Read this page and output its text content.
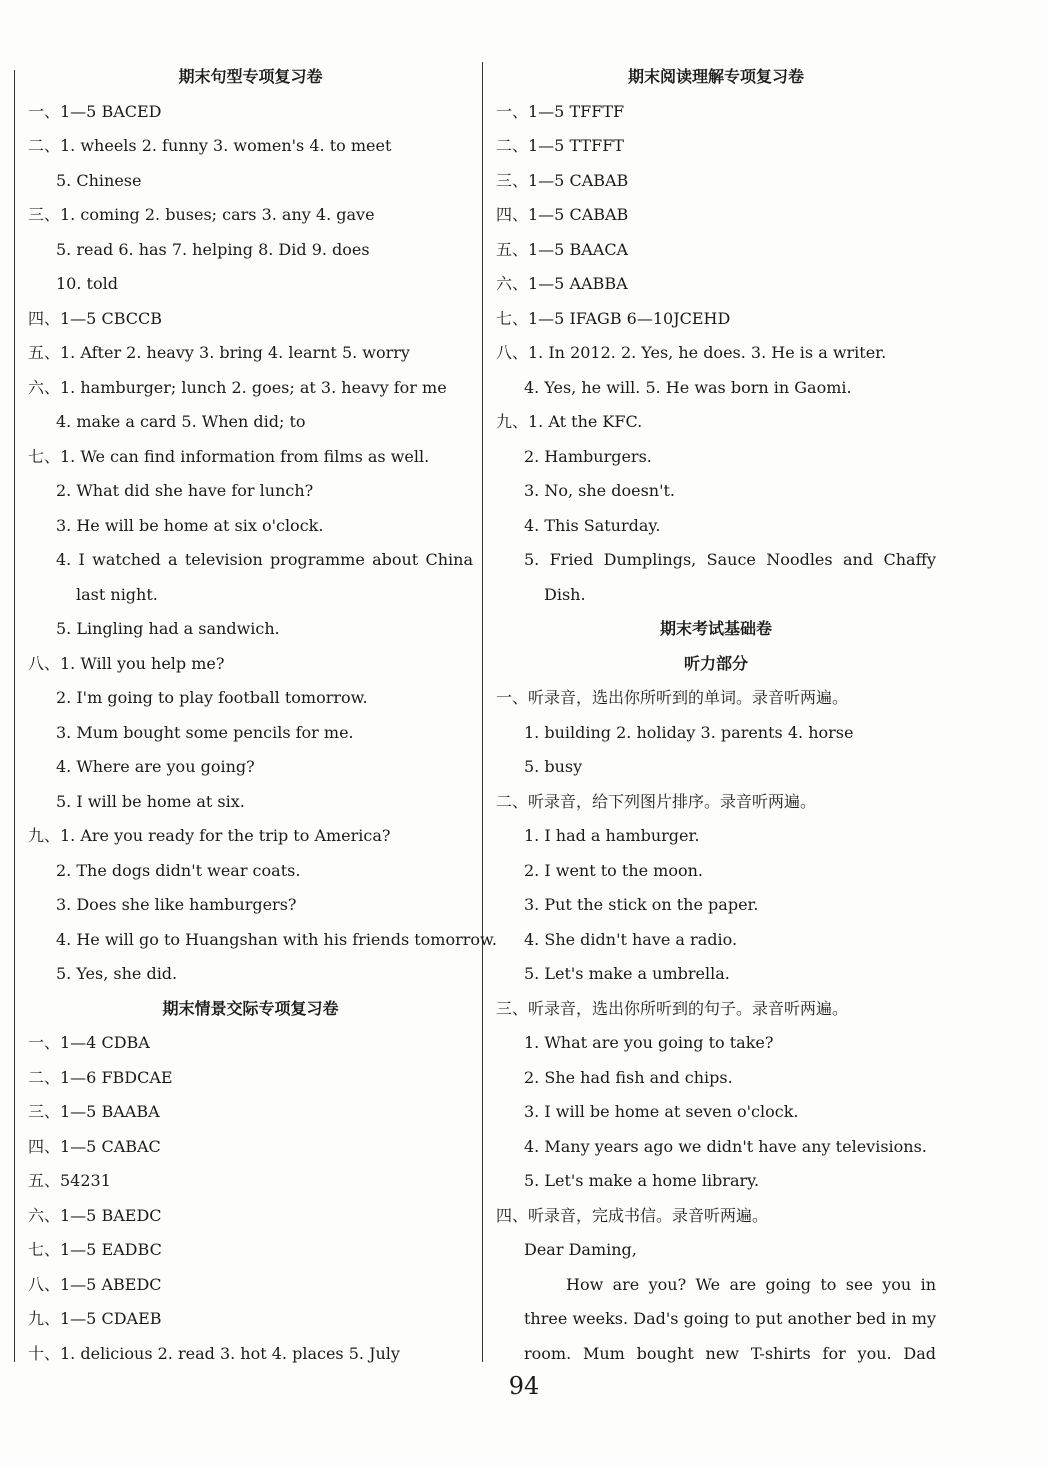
期末句型专项复习卷
一、1—5 BACED
二、1. wheels 2. funny 3. women's 4. to meet
5. Chinese
三、1. coming 2. buses; cars 3. any 4. gave
5. read 6. has 7. helping 8. Did 9. does
10. told
四、1—5 CBCCB
五、1. After 2. heavy 3. bring 4. learnt 5. worry
六、1. hamburger; lunch 2. goes; at 3. heavy for me
4. make a card 5. When did; to
七、1. We can find information from films as well.
2. What did she have for lunch?
3. He will be home at six o'clock.
4. I watched a television programme about China
last night.
5. Lingling had a sandwich.
八、1. Will you help me?
2. I'm going to play football tomorrow.
3. Mum bought some pencils for me.
4. Where are you going?
5. I will be home at six.
九、1. Are you ready for the trip to America?
2. The dogs didn't wear coats.
3. Does she like hamburgers?
4. He will go to Huangshan with his friends tomorrow.
5. Yes, she did.
期末情景交际专项复习卷
一、1—4 CDBA
二、1—6 FBDCAE
三、1—5 BAABA
四、1—5 CABAC
五、54231
六、1—5 BAEDC
七、1—5 EADBC
八、1—5 ABEDC
九、1—5 CDAEB
十、1. delicious 2. read 3. hot 4. places 5. July
期末阅读理解专项复习卷
一、1—5 TFFTF
二、1—5 TTFFT
三、1—5 CABAB
四、1—5 CABAB
五、1—5 BAACA
六、1—5 AABBA
七、1—5 IFAGB 6—10JCEHD
八、1. In 2012. 2. Yes, he does. 3. He is a writer.
4. Yes, he will. 5. He was born in Gaomi.
九、1. At the KFC.
2. Hamburgers.
3. No, she doesn't.
4. This Saturday.
5. Fried Dumplings, Sauce Noodles and Chaffy
Dish.
期末考试基础卷
听力部分
一、听录音，选出你所听到的单词。录音听两遍。
1. building 2. holiday 3. parents 4. horse
5. busy
二、听录音，给下列图片排序。录音听两遍。
1. I had a hamburger.
2. I went to the moon.
3. Put the stick on the paper.
4. She didn't have a radio.
5. Let's make a umbrella.
三、听录音，选出你所听到的句子。录音听两遍。
1. What are you going to take?
2. She had fish and chips.
3. I will be home at seven o'clock.
4. Many years ago we didn't have any televisions.
5. Let's make a home library.
四、听录音，完成书信。录音听两遍。
Dear Daming,
How are you? We are going to see you in
three weeks. Dad's going to put another bed in my
room. Mum bought new T-shirts for you. Dad
94
